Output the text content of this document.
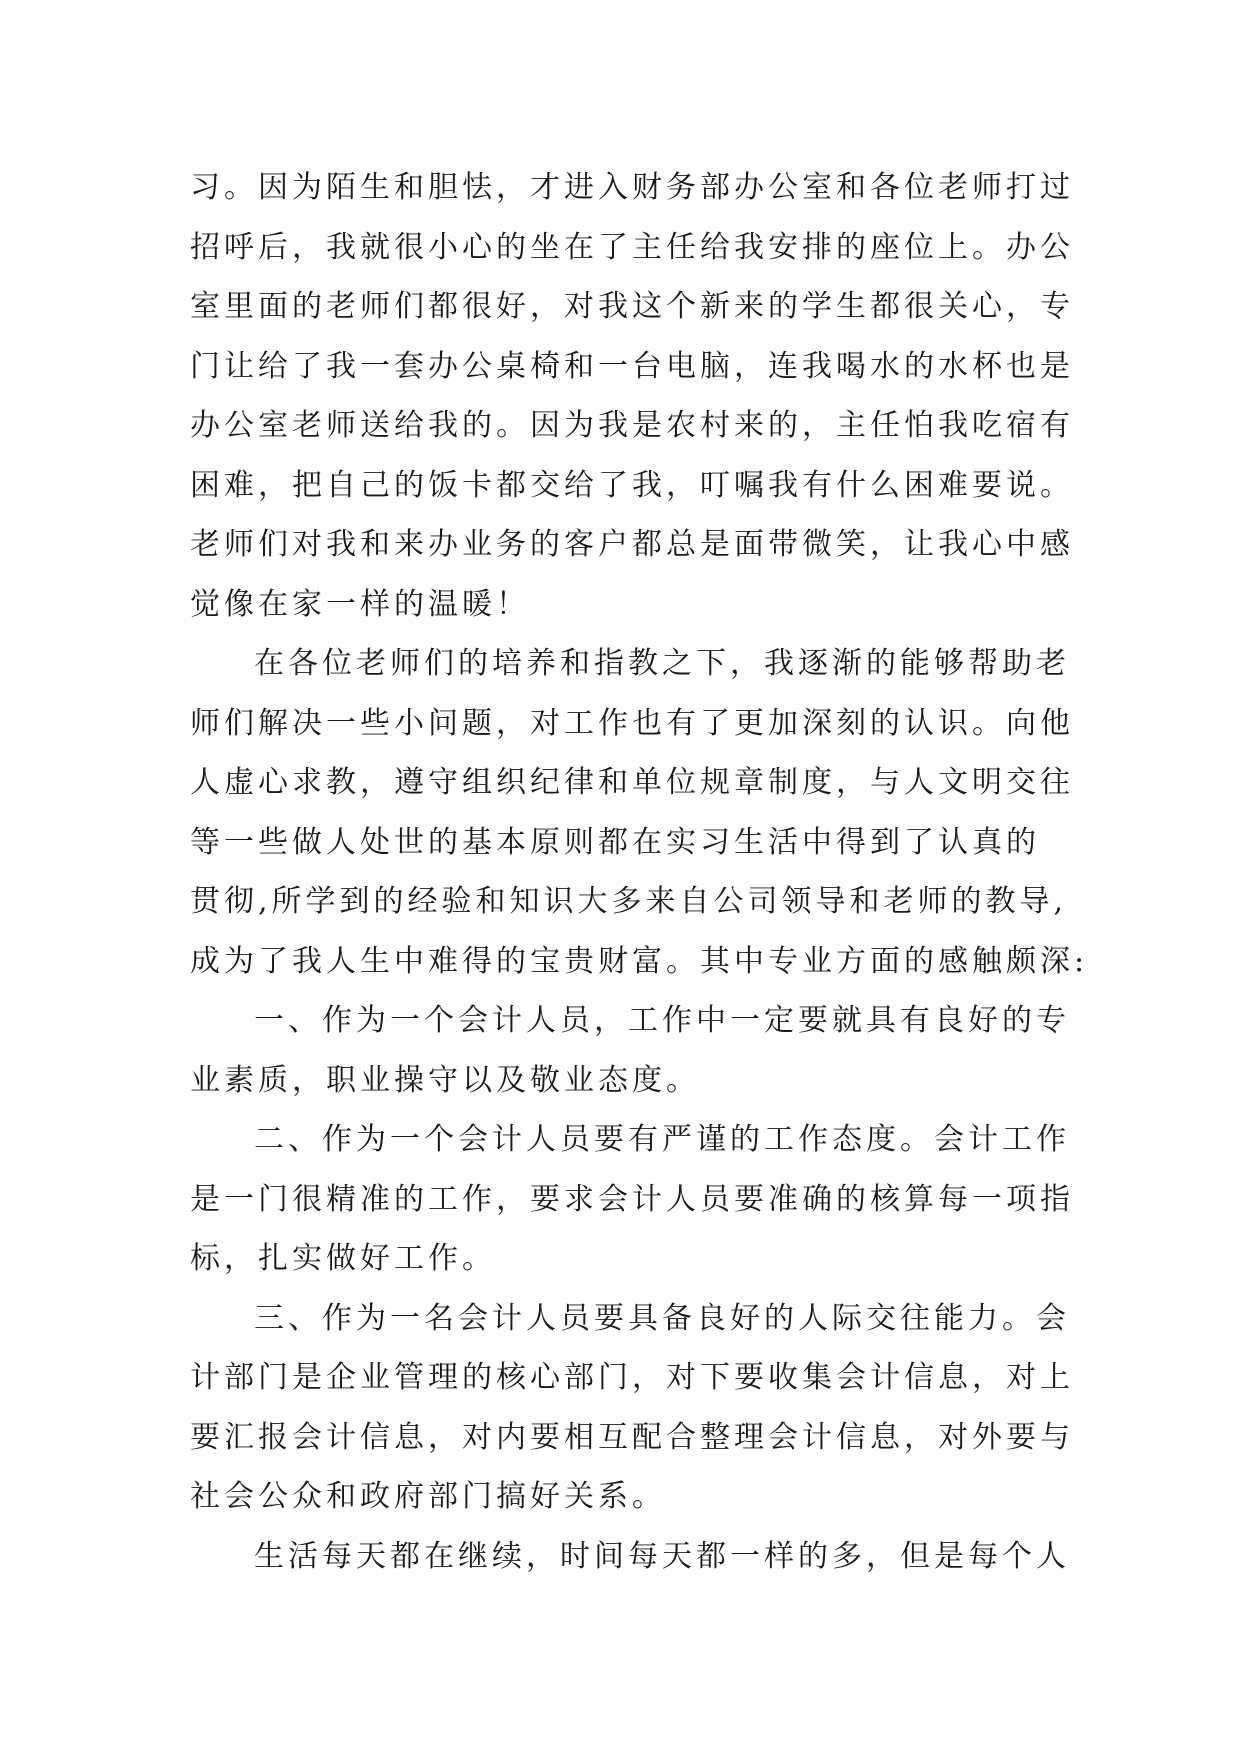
习。因为陌生和胆怯，才进入财务部办公室和各位老师打过
招呼后，我就很小心的坐在了主任给我安排的座位上。办公
室里面的老师们都很好，对我这个新来的学生都很关心，专
门让给了我一套办公桌椅和一台电脑，连我喝水的水杯也是
办公室老师送给我的。因为我是农村来的，主任怕我吃宿有
困难，把自己的饭卡都交给了我，叮嘱我有什么困难要说。
老师们对我和来办业务的客户都总是面带微笑，让我心中感
觉像在家一样的温暖！
在各位老师们的培养和指教之下，我逐渐的能够帮助老
师们解决一些小问题，对工作也有了更加深刻的认识。向他
人虚心求教，遵守组织纪律和单位规章制度，与人文明交往
等一些做人处世的基本原则都在实习生活中得到了认真的
贯彻,所学到的经验和知识大多来自公司领导和老师的教导,
成为了我人生中难得的宝贵财富。其中专业方面的感触颇深:
一、作为一个会计人员，工作中一定要就具有良好的专
业素质，职业操守以及敬业态度。
二、作为一个会计人员要有严谨的工作态度。会计工作
是一门很精准的工作，要求会计人员要准确的核算每一项指
标，扎实做好工作。
三、作为一名会计人员要具备良好的人际交往能力。会
计部门是企业管理的核心部门，对下要收集会计信息，对上
要汇报会计信息，对内要相互配合整理会计信息，对外要与
社会公众和政府部门搞好关系。
生活每天都在继续，时间每天都一样的多，但是每个人
